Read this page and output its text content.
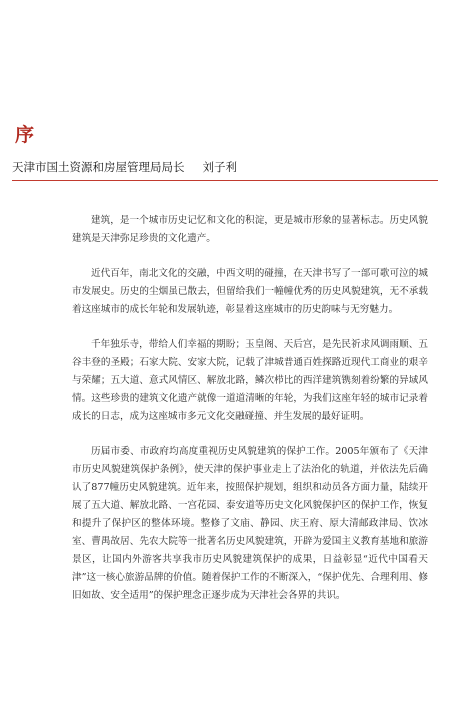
序
天津市国土资源和房屋管理局局长 刘子利

建筑，是一个城市历史记忆和文化的积淀，更是城市形象的显著标志。历史风貌建筑是天津弥足珍贵的文化遗产。

近代百年，南北文化的交融，中西文明的碰撞，在天津书写了一部可歌可泣的城市发展史。历史的尘烟虽已散去，但留给我们一幢幢优秀的历史风貌建筑，无不承载着这座城市的成长年轮和发展轨迹，彰显着这座城市的历史韵味与无穷魅力。

千年独乐寺，带给人们幸福的期盼；玉皇阁、天后宫，是先民祈求风调雨顺、五谷丰登的圣殿；石家大院、安家大院，记载了津城普通百姓探路近现代工商业的艰辛与荣耀；五大道、意式风情区、解放北路，鳞次栉比的西洋建筑镌刻着纷繁的异域风情。这些珍贵的建筑文化遗产就像一道道清晰的年轮，为我们这座年轻的城市记录着成长的日志，成为这座城市多元文化交融碰撞、并生发展的最好证明。

历届市委、市政府均高度重视历史风貌建筑的保护工作。2005年颁布了《天津市历史风貌建筑保护条例》，使天津的保护事业走上了法治化的轨道，并依法先后确认了877幢历史风貌建筑。近年来，按照保护规划，组织和动员各方面力量，陆续开展了五大道、解放北路、一宫花园、泰安道等历史文化风貌保护区的保护工作，恢复和提升了保护区的整体环境。整修了文庙、静园、庆王府、原大清邮政津局、饮冰室、曹禺故居、先农大院等一批著名历史风貌建筑，开辟为爱国主义教育基地和旅游景区，让国内外游客共享我市历史风貌建筑保护的成果，日益彰显“近代中国看天津”这一核心旅游品牌的价值。随着保护工作的不断深入，“保护优先、合理利用、修旧如故、安全适用”的保护理念正逐步成为天津社会各界的共识。
